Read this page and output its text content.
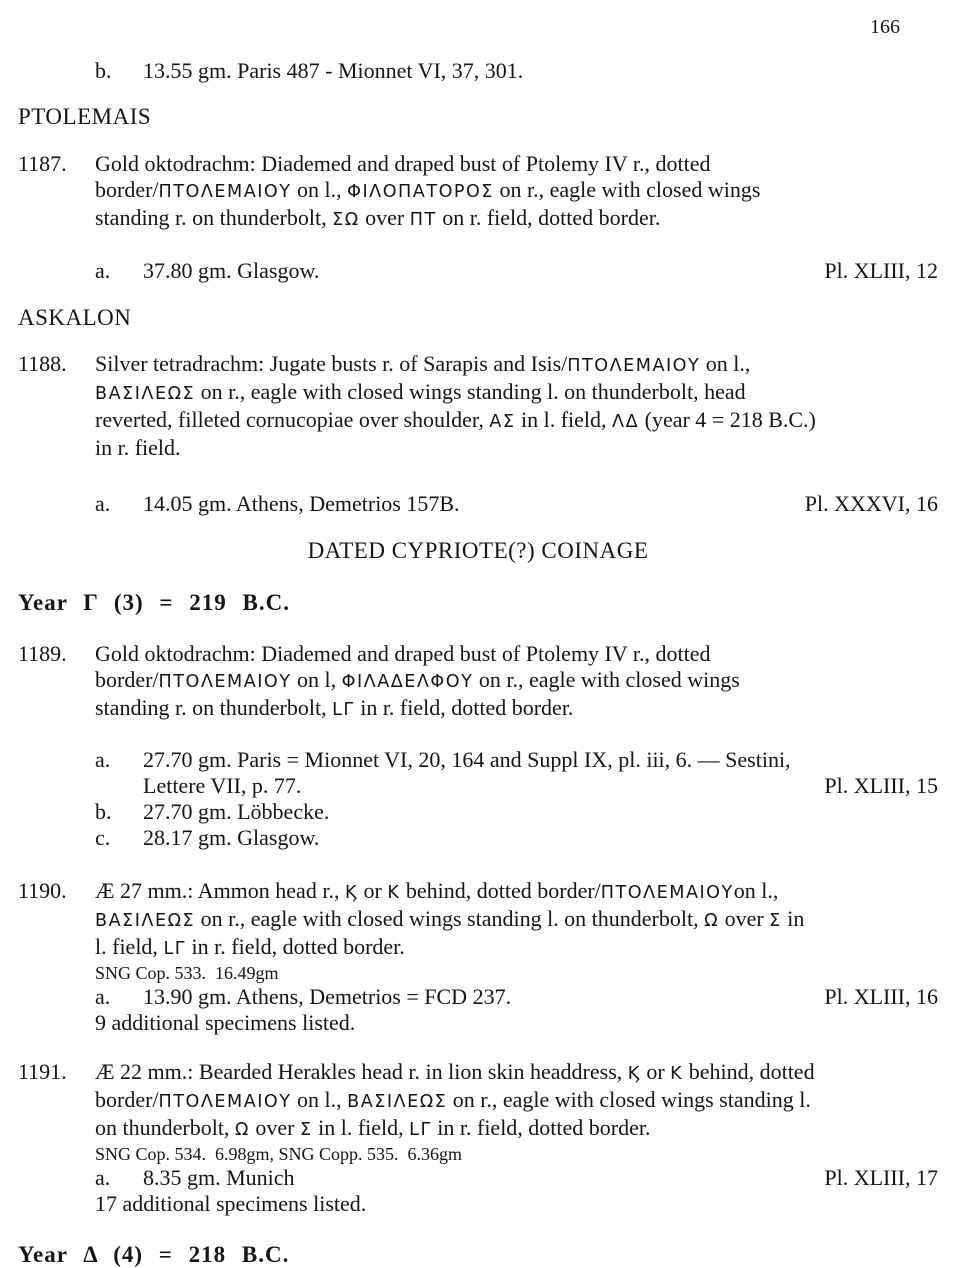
166
b.	13.55 gm. Paris 487 - Mionnet VI, 37, 301.
PTOLEMAIS
1187.	Gold oktodrachm: Diademed and draped bust of Ptolemy IV r., dotted
border/ΠΤΟΛΕΜΑΙΟΥ on l., ΦΙΛΟΠΑΤΟΡΟΣ on r., eagle with closed wings
standing r. on thunderbolt, ΣΩ over ΠΤ on r. field, dotted border.
a.	37.80 gm. Glasgow.	Pl. XLIII, 12
ASKALON
1188.	Silver tetradrachm: Jugate busts r. of Sarapis and Isis/ΠΤΟΛΕΜΑΙΟΥ on l.,
ΒΑΣΙΛΕΩΣ on r., eagle with closed wings standing l. on thunderbolt, head
reverted, filleted cornucopiae over shoulder, ΑΣ in l. field, ΛΔ (year 4 = 218 B.C.)
in r. field.
a.	14.05 gm. Athens, Demetrios 157B.	Pl. XXXVI, 16
DATED CYPRIOTE(?) COINAGE
Year Γ (3) = 219 B.C.
1189.	Gold oktodrachm: Diademed and draped bust of Ptolemy IV r., dotted
border/ΠΤΟΛΕΜΑΙΟΥ on l, ΦΙΛΑΔΕΛΦΟΥ on r., eagle with closed wings
standing r. on thunderbolt, LΓ in r. field, dotted border.
a.	27.70 gm. Paris = Mionnet VI, 20, 164 and Suppl IX, pl. iii, 6. — Sestini,
Lettere VII, p. 77.	Pl. XLIII, 15
b.	27.70 gm. Löbbecke.
c.	28.17 gm. Glasgow.
1190.	Æ 27 mm.: Ammon head r., Ϗ or Κ behind, dotted border/ΠΤΟΛΕΜΑΙΟΥon l.,
ΒΑΣΙΛΕΩΣ on r., eagle with closed wings standing l. on thunderbolt, Ω over Σ in
l. field, LΓ in r. field, dotted border.
SNG Cop. 533.  16.49gm
a.	13.90 gm. Athens, Demetrios = FCD 237.	Pl. XLIII, 16
9 additional specimens listed.
1191.	Æ 22 mm.: Bearded Herakles head r. in lion skin headdress, Ϗ or Κ behind, dotted
border/ΠΤΟΛΕΜΑΙΟΥ on l., ΒΑΣΙΛΕΩΣ on r., eagle with closed wings standing l.
on thunderbolt, Ω over Σ in l. field, LΓ in r. field, dotted border.
SNG Cop. 534.  6.98gm, SNG Copp. 535.  6.36gm
a.	8.35 gm. Munich	Pl. XLIII, 17
17 additional specimens listed.
Year Δ (4) = 218 B.C.
